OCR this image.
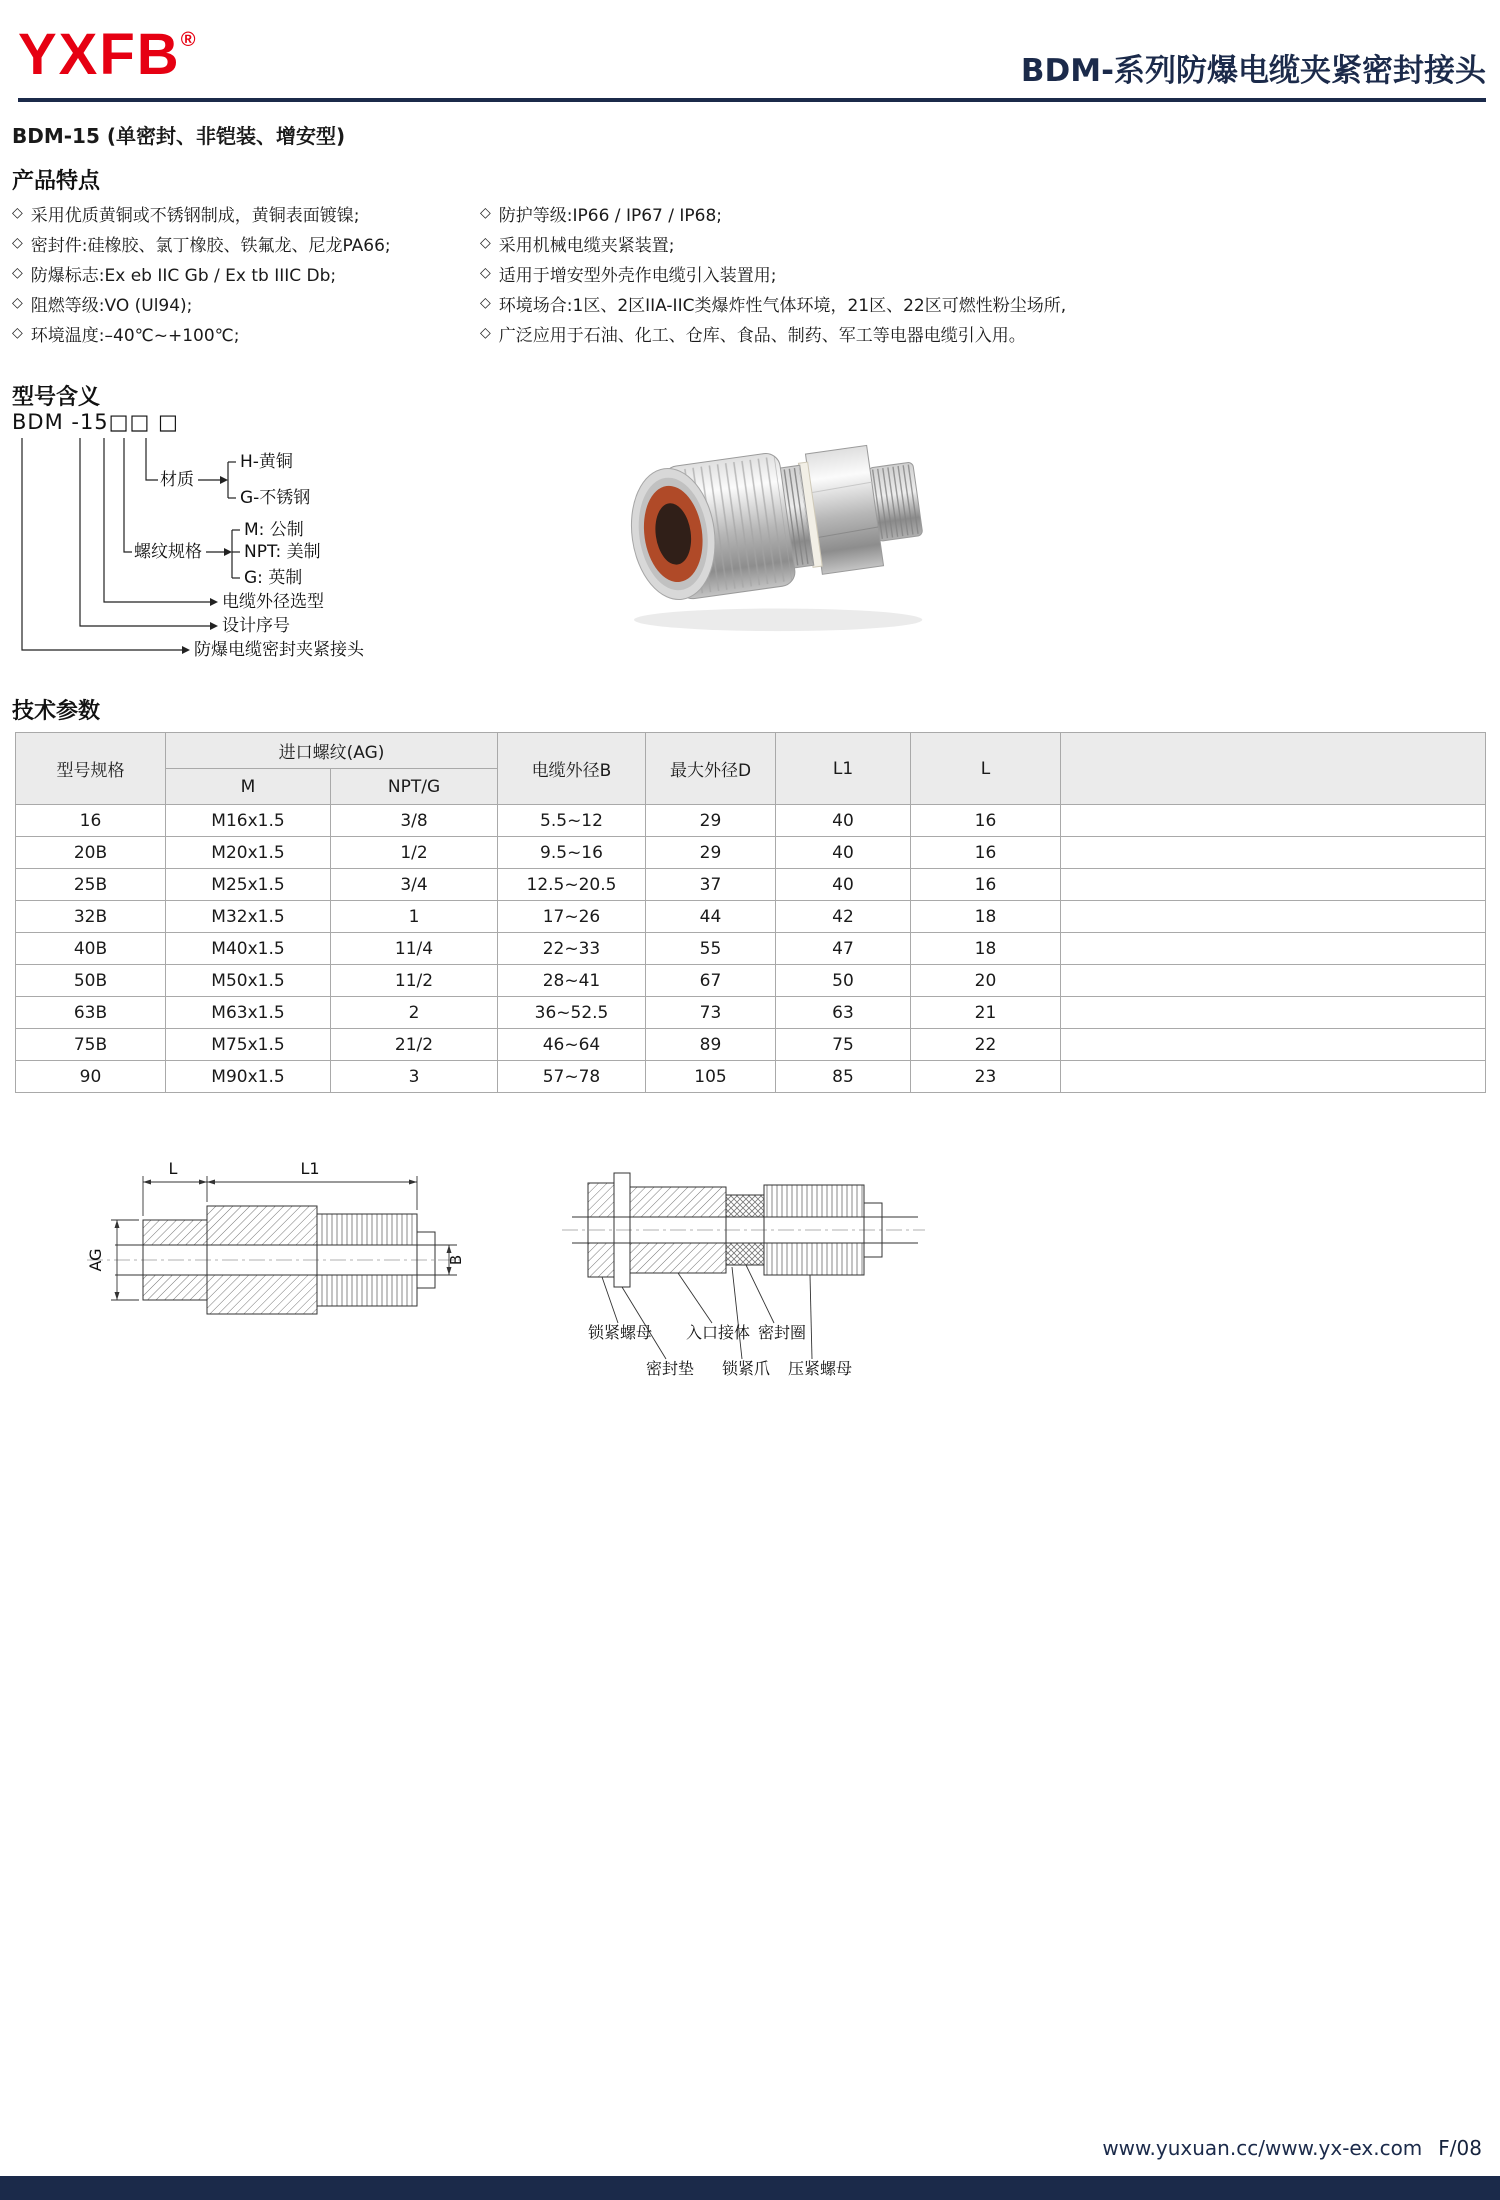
YXFB®
BDM-系列防爆电缆夹紧密封接头
BDM-15 (单密封、非铠装、增安型)
产品特点
◇ 采用优质黄铜或不锈钢制成，黄铜表面镀镍;
◇ 密封件:硅橡胶、氯丁橡胶、铁氟龙、尼龙PA66;
◇ 防爆标志:Ex eb IIC Gb / Ex tb IIIC Db;
◇ 阻燃等级:VO (Ul94);
◇ 环境温度:–40℃~+100℃;
◇ 防护等级:IP66 / IP67 / IP68;
◇ 采用机械电缆夹紧装置;
◇ 适用于增安型外壳作电缆引入装置用;
◇ 环境场合:1区、2区IIA-IIC类爆炸性气体环境，21区、22区可燃性粉尘场所,
◇ 广泛应用于石油、化工、仓库、食品、制药、军工等电器电缆引入用。
型号含义
BDM -15□□ □
材质
H-黄铜
G-不锈钢
螺纹规格
M: 公制
NPT: 美制
G: 英制
电缆外径选型
设计序号
防爆电缆密封夹紧接头
技术参数
型号规格	进口螺纹(AG)		电缆外径B	最大外径D	L1	L	
	M	NPT/G					
16	M16x1.5	3/8	5.5~12	29	40	16	
20B	M20x1.5	1/2	9.5~16	29	40	16	
25B	M25x1.5	3/4	12.5~20.5	37	40	16	
32B	M32x1.5	1	17~26	44	42	18	
40B	M40x1.5	11/4	22~33	55	47	18	
50B	M50x1.5	11/2	28~41	67	50	20	
63B	M63x1.5	2	36~52.5	73	63	21	
75B	M75x1.5	21/2	46~64	89	75	22	
90	M90x1.5	3	57~78	105	85	23	
L	L1
AG	B
锁紧螺母 入口接体 密封圈
密封垫 锁紧爪 压紧螺母
www.yuxuan.cc/www.yx-ex.com F/08
